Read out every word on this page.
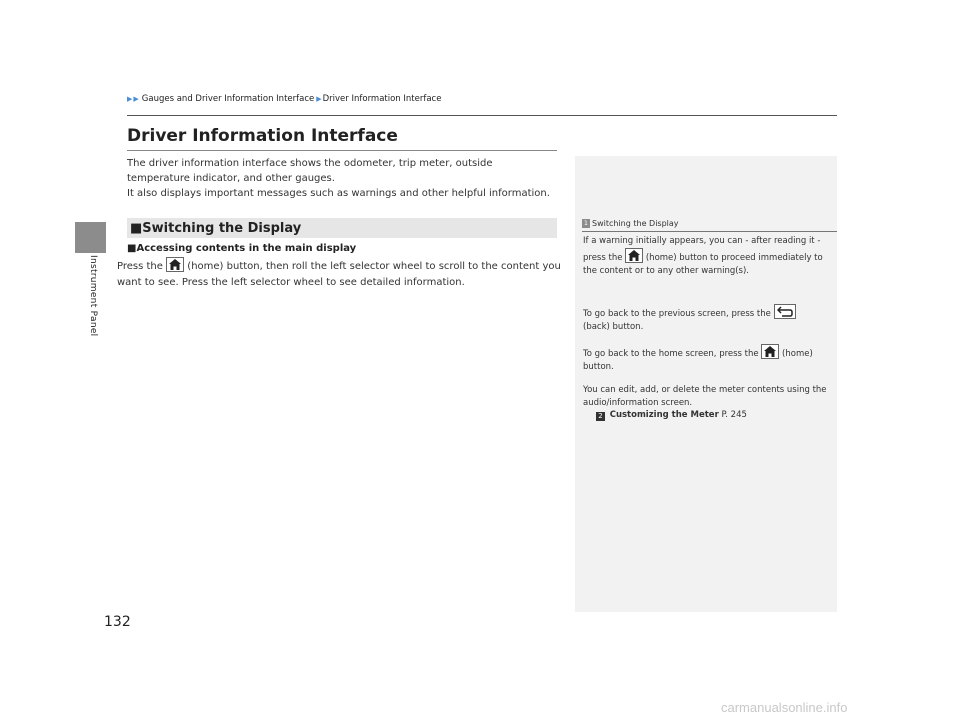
Instrument Panel
▶ ▶ Gauges and Driver Information Interface ▶ Driver Information Interface
Driver Information Interface

The driver information interface shows the odometer, trip meter, outside
temperature indicator, and other gauges.
It also displays important messages such as warnings and other helpful information.

■Switching the Display
■Accessing contents in the main display

Press the (home) button, then roll the left selector wheel to scroll to the content you want to see. Press the left selector wheel to see detailed information.

1 Switching the Display

If a warning initially appears, you can - after reading it - press the	(home) button to proceed immediately to the content or to any other warning(s).

To go back to the previous screen, press the

(back) button.

To go back to the home screen, press the	(home) button.

You can edit, add, or delete the meter contents using the audio/information screen.

2 Customizing the Meter P. 245
132
carmanualsonline.info
